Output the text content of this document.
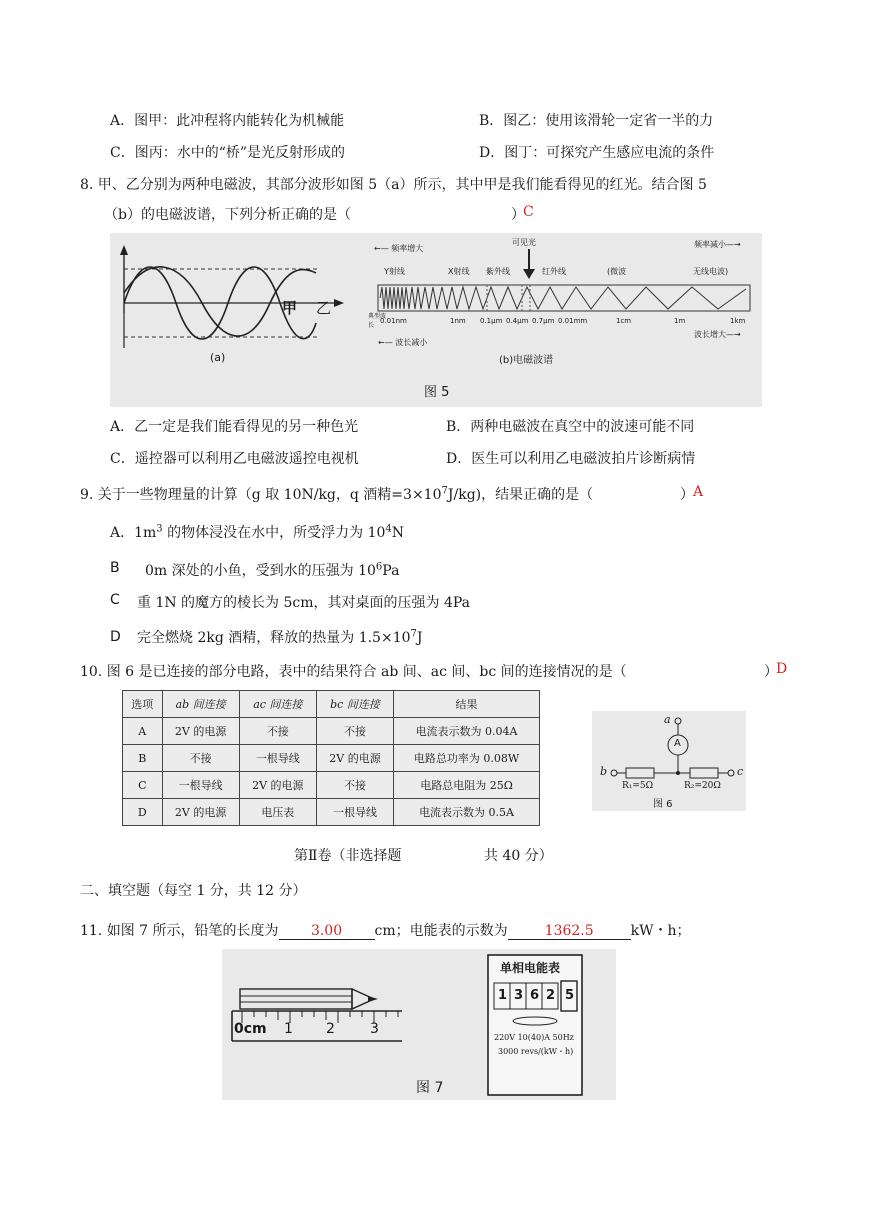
A．图甲：此冲程将内能转化为机械能	B．图乙：使用该滑轮一定省一半的力
C．图丙：水中的“桥”是光反射形成的	D．图丁：可探究产生感应电流的条件
8. 甲、乙分别为两种电磁波，其部分波形如图 5（a）所示，其中甲是我们能看得见的红光。结合图 5
（b）的电磁波谱，下列分析正确的是（	）
C
甲 乙
(a)
←— 频率增大	频率减小—→
可见光
Y射线	X射线 紫外线	红外线	(微波	无线电波)
典型波长
0.01nm	1nm 0.1μm 0.4μm 0.7μm 0.01mm	1cm	1m	1km
←— 波长减小
波长增大—→
(b)电磁波谱
图 5
A．乙一定是我们能看得见的另一种色光	B．两种电磁波在真空中的波速可能不同
C．遥控器可以利用乙电磁波遥控电视机	D．医生可以利用乙电磁波拍片诊断病情
9. 关于一些物理量的计算（g 取 10N/kg，q 酒精$=3\times 10^7J/kg$)，结果正确的是（	） A
A．$1m^3$ 的物体浸没在水中，所受浮力为 $10^4N$
B 0m 深处的小鱼，受到水的压强为 $10^6Pa$
C 重 1N 的魔方的棱长为 5cm，其对桌面的压强为 4Pa
D 完全燃烧 2kg 酒精，释放的热量为 $1.5\times 10^7J$
10. 图 6 是已连接的部分电路，表中的结果符合 ab 间、ac 间、bc 间的连接情况的是（	）
D
选项	ab 间连接	ac 间连接	bc 间连接	结果
A	2V 的电源	不接	不接	电流表示数为 0.04A
B	不接	一根导线	2V 的电源	电路总功率为 0.08W
C	一根导线	2V 的电源	不接	电路总电阻为 25Ω
D	2V 的电源	电压表	一根导线	电流表示数为 0.5A
a
A
b	c
R₁=5Ω	R₂=20Ω
图 6
第Ⅱ卷（非选择题	共 40 分）
二、填空题（每空 1 分，共 12 分）
11. 如图 7 所示，铅笔的长度为 3.00 cm；电能表的示数为	1362.5	kW・h；
0cm 1 2	3
单相电能表
1 3 6 2 5
220V 10(40)A 50Hz
3000 revs/(kW・h)
图 7
